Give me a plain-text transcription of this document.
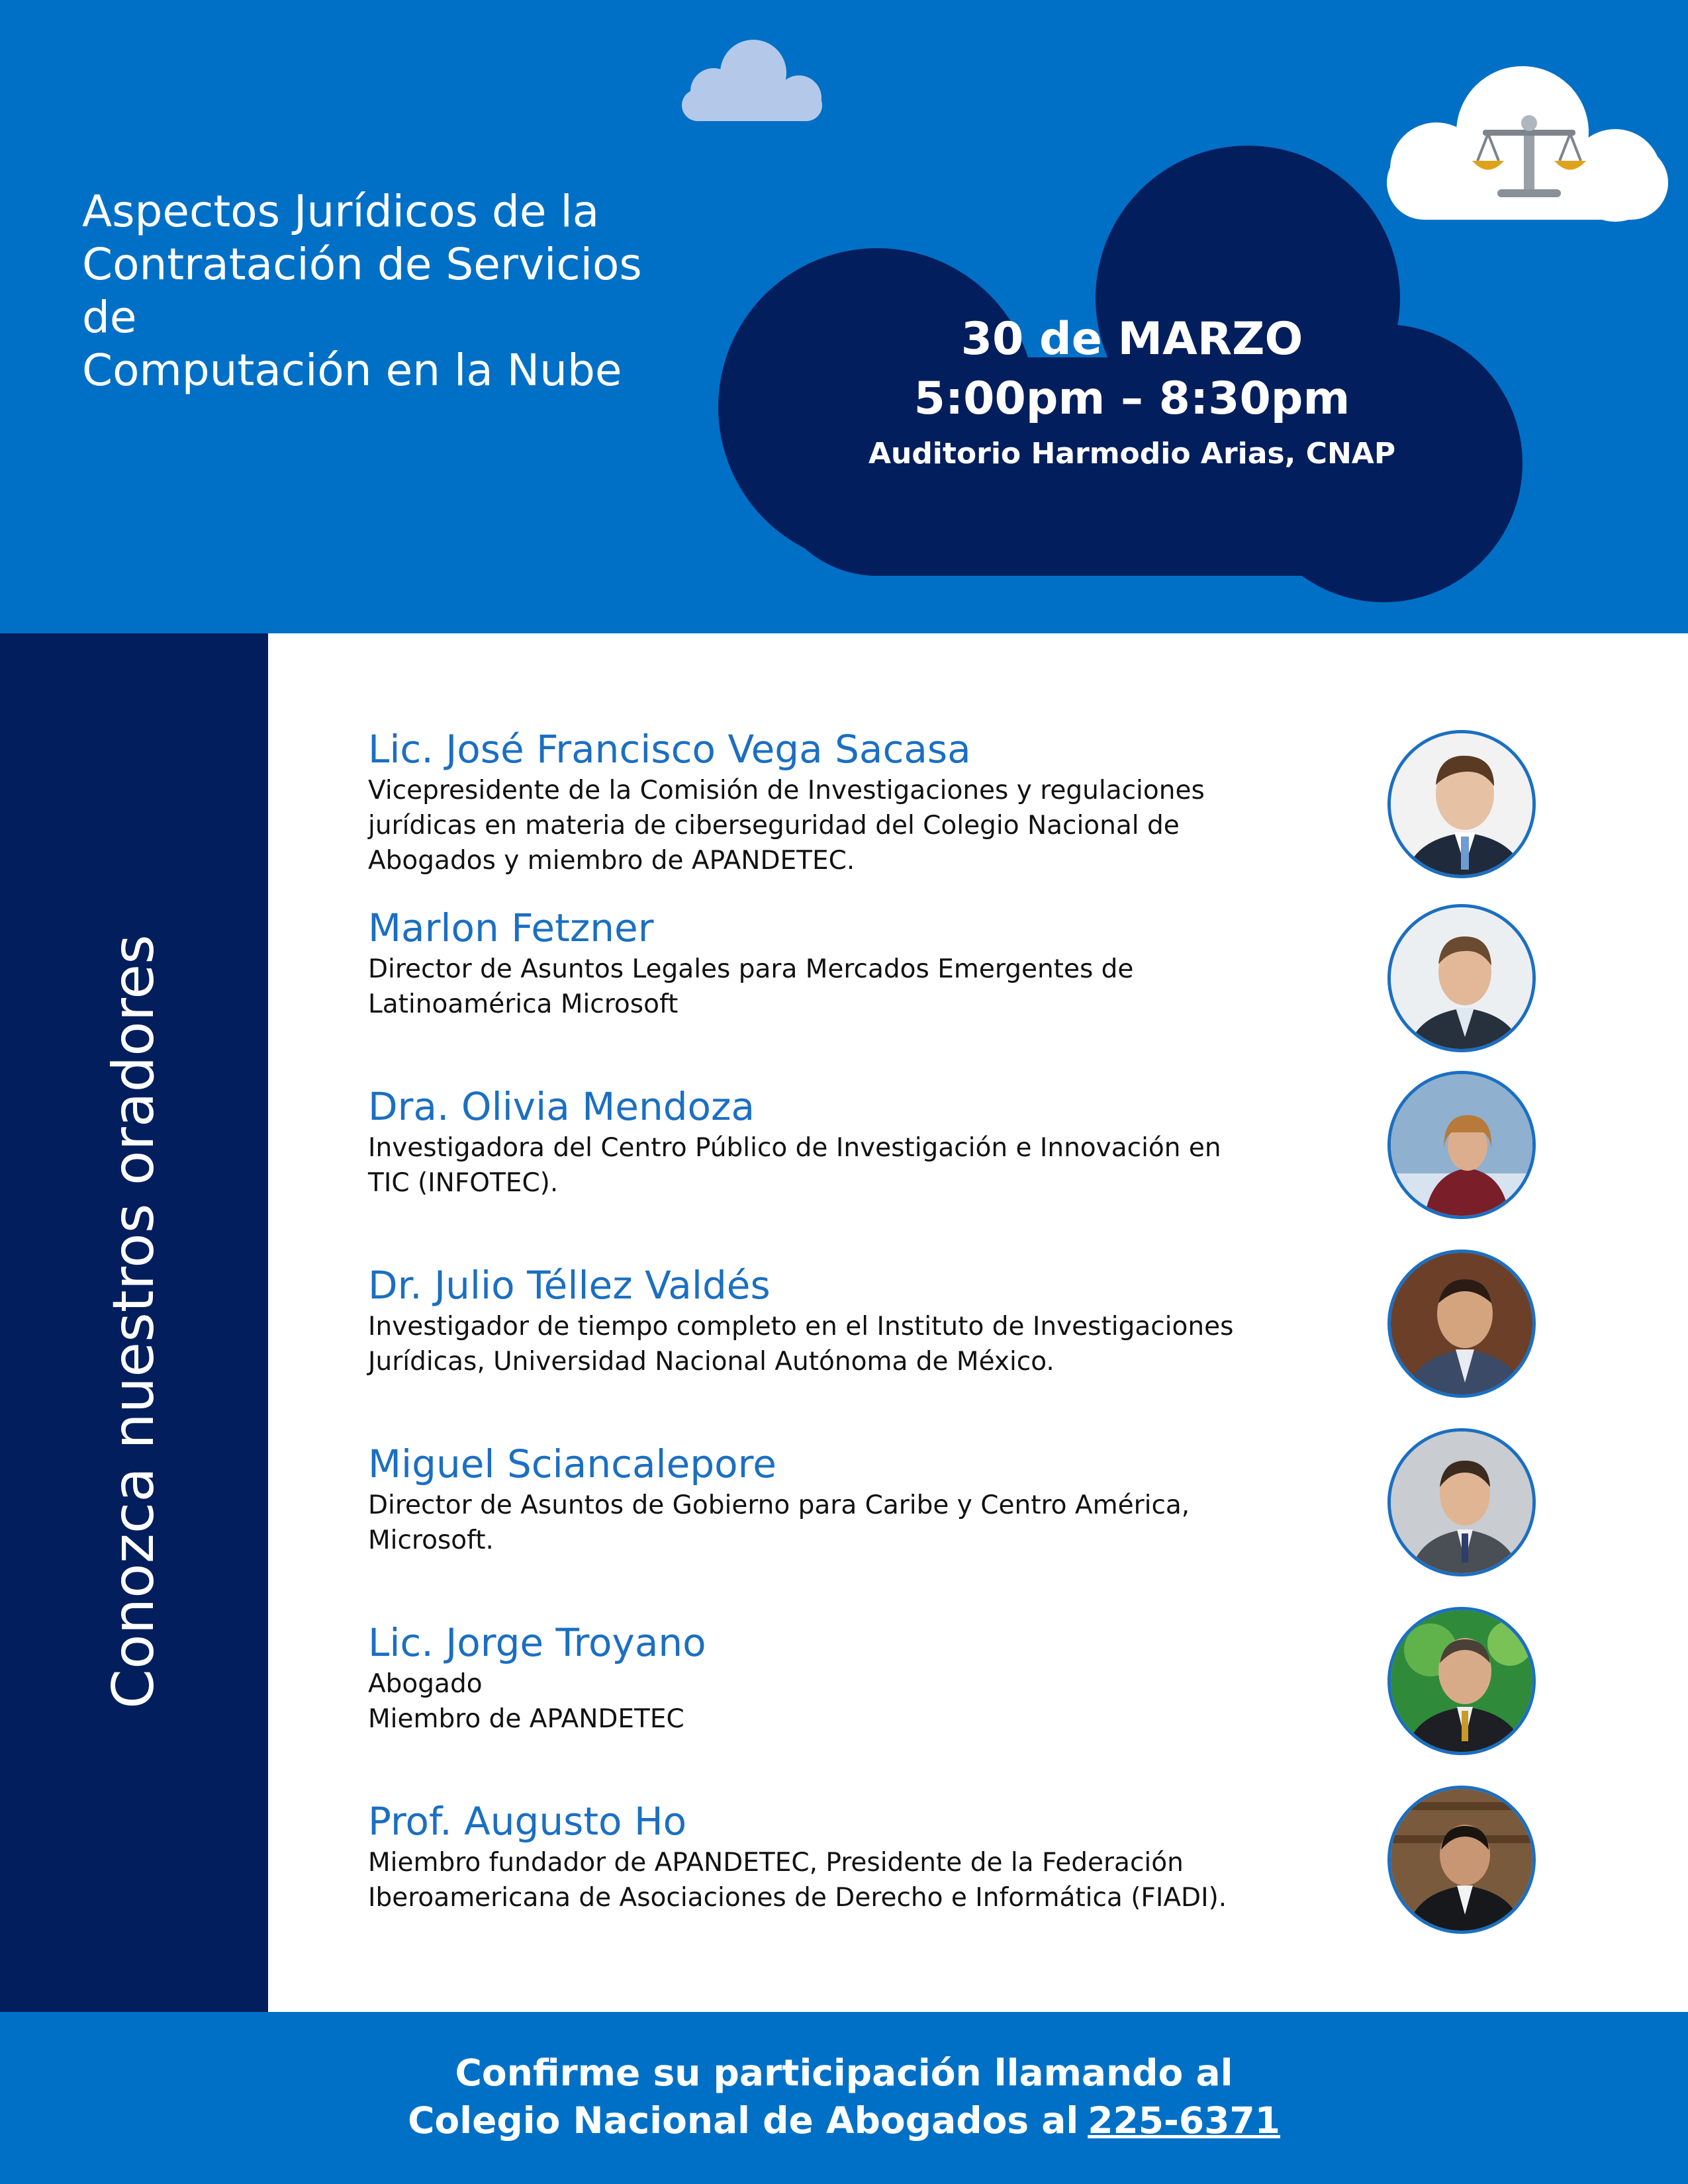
Aspectos Jurídicos de la
Contratación de Servicios de
Computación en la Nube
30 de MARZO
5:00pm – 8:30pm
Auditorio Harmodio Arias, CNAP
Conozca nuestros oradores
Lic. José Francisco Vega Sacasa
Vicepresidente de la Comisión de Investigaciones y regulaciones
jurídicas en materia de ciberseguridad del Colegio Nacional de
Abogados y miembro de APANDETEC.
Marlon Fetzner
Director de Asuntos Legales para Mercados Emergentes de
Latinoamérica Microsoft
Dra. Olivia Mendoza
Investigadora del Centro Público de Investigación e Innovación en
TIC (INFOTEC).
Dr. Julio Téllez Valdés
Investigador de tiempo completo en el Instituto de Investigaciones
Jurídicas, Universidad Nacional Autónoma de México.
Miguel Sciancalepore
Director de Asuntos de Gobierno para Caribe y Centro América,
Microsoft.
Lic. Jorge Troyano
Abogado
Miembro de APANDETEC
Prof. Augusto Ho
Miembro fundador de APANDETEC, Presidente de la Federación
Iberoamericana de Asociaciones de Derecho e Informática (FIADI).
Confirme su participación llamando al
Colegio Nacional de Abogados al 225-6371
